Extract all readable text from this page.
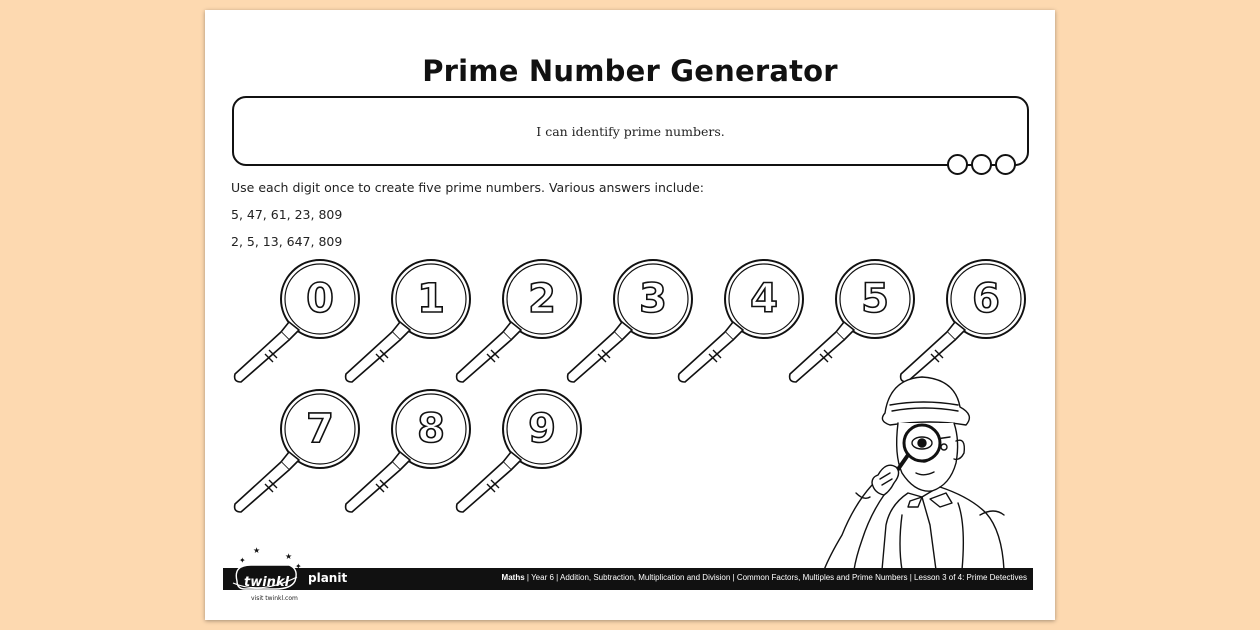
Prime Number Generator
I can identify prime numbers.
Use each digit once to create five prime numbers. Various answers include:
5, 47, 61, 23, 809
2, 5, 13, 647, 809
0	1	2	3	4	5	6
7	8	9
twinkl
★
✦	★
✦
planit	Maths | Year 6 | Addition, Subtraction, Multiplication and Division | Common Factors, Multiples and Prime Numbers | Lesson 3 of 4: Prime Detectives
visit twinkl.com
